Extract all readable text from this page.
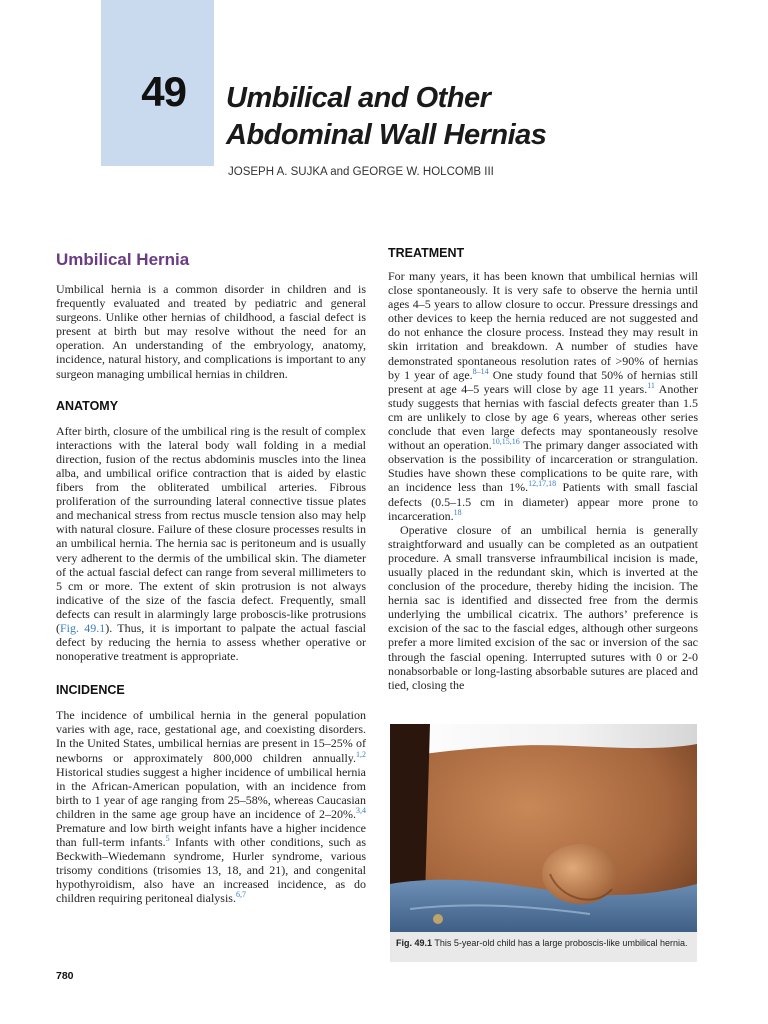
49	Umbilical and Other
Abdominal Wall Hernias
JOSEPH A. SUJKA and GEORGE W. HOLCOMB III
Umbilical Hernia

Umbilical hernia is a common disorder in children and is frequently evaluated and treated by pediatric and general surgeons. Unlike other hernias of childhood, a fascial defect is present at birth but may resolve without the need for an operation. An understanding of the embryology, anatomy, incidence, natural history, and complications is important to any surgeon managing umbilical hernias in children.

ANATOMY

After birth, closure of the umbilical ring is the result of complex interactions with the lateral body wall folding in a medial direction, fusion of the rectus abdominis muscles into the linea alba, and umbilical orifice contraction that is aided by elastic fibers from the obliterated umbilical arteries. Fibrous proliferation of the surrounding lateral connective tissue plates and mechanical stress from rectus muscle tension also may help with natural closure. Failure of these closure processes results in an umbilical hernia. The hernia sac is peritoneum and is usually very adherent to the dermis of the umbilical skin. The diameter of the actual fascial defect can range from several millimeters to 5 cm or more. The extent of skin protrusion is not always indicative of the size of the fascia defect. Frequently, small defects can result in alarmingly large proboscis-like protrusions (Fig. 49.1). Thus, it is important to palpate the actual fascial defect by reducing the hernia to assess whether operative or nonoperative treatment is appropriate.

INCIDENCE

The incidence of umbilical hernia in the general population varies with age, race, gestational age, and coexisting disorders. In the United States, umbilical hernias are present in 15–25% of newborns or approximately 800,000 children annually.$^{1,2}$ Historical studies suggest a higher incidence of umbilical hernia in the African-American population, with an incidence from birth to 1 year of age ranging from 25–58%, whereas Caucasian children in the same age group have an incidence of 2–20%.$^{3,4}$ Premature and low birth weight infants have a higher incidence than full-term infants.$^5$ Infants with other conditions, such as Beckwith–Wiedemann syndrome, Hurler syndrome, various trisomy conditions (trisomies 13, 18, and 21), and congenital hypothyroidism, also have an increased incidence, as do children requiring peritoneal dialysis.$^{6,7}$

TREATMENT

For many years, it has been known that umbilical hernias will close spontaneously. It is very safe to observe the hernia until ages 4–5 years to allow closure to occur. Pressure dressings and other devices to keep the hernia reduced are not suggested and do not enhance the closure process. Instead they may result in skin irritation and breakdown. A number of studies have demonstrated spontaneous resolution rates of >90% of hernias by 1 year of age.$^{8-14}$ One study found that 50% of hernias still present at age 4–5 years will close by age 11 years.$^{11}$ Another study suggests that hernias with fascial defects greater than 1.5 cm are unlikely to close by age 6 years, whereas other series conclude that even large defects may spontaneously resolve without an operation.$^{10,15,16}$ The primary danger associated with observation is the possibility of incarceration or strangulation. Studies have shown these complications to be quite rare, with an incidence less than 1%.$^{12,17,18}$ Patients with small fascial defects (0.5–1.5 cm in diameter) appear more prone to incarceration.$^{18}$

Operative closure of an umbilical hernia is generally straightforward and usually can be completed as an outpatient procedure. A small transverse infraumbilical incision is made, usually placed in the redundant skin, which is inverted at the conclusion of the procedure, thereby hiding the incision. The hernia sac is identified and dissected free from the dermis underlying the umbilical cicatrix. The authors’ preference is excision of the sac to the fascial edges, although other surgeons prefer a more limited excision of the sac or inversion of the sac through the fascial opening. Interrupted sutures with 0 or 2-0 nonabsorbable or long-lasting absorbable sutures are placed and tied, closing the

Fig. 49.1 This 5-year-old child has a large proboscis-like umbilical hernia.
780
